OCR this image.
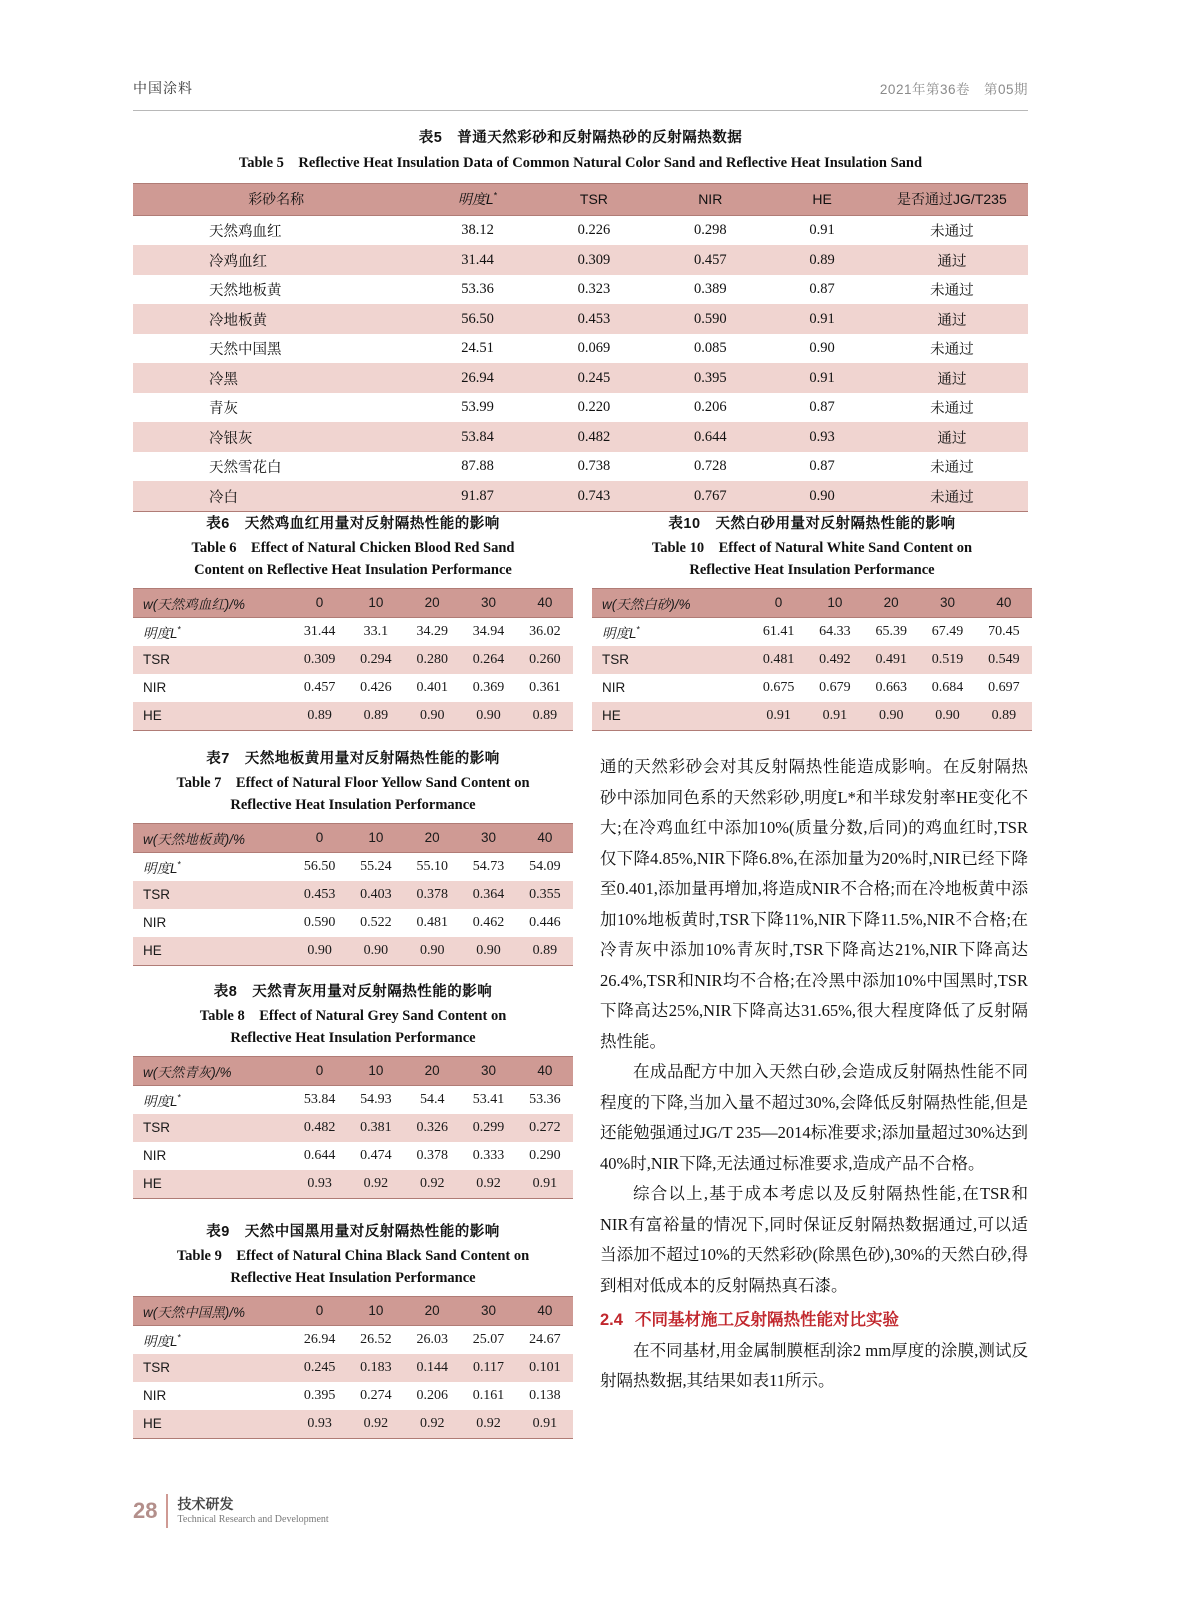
中国涂料	2021年第36卷　第05期
表5　普通天然彩砂和反射隔热砂的反射隔热数据
Table 5　Reflective Heat Insulation Data of Common Natural Color Sand and Reflective Heat Insulation Sand
彩砂名称	明度L*	TSR	NIR	HE	是否通过JG/T235
天然鸡血红	38.12	0.226	0.298	0.91	未通过
冷鸡血红	31.44	0.309	0.457	0.89	通过
天然地板黄	53.36	0.323	0.389	0.87	未通过
冷地板黄	56.50	0.453	0.590	0.91	通过
天然中国黑	24.51	0.069	0.085	0.90	未通过
冷黑	26.94	0.245	0.395	0.91	通过
青灰	53.99	0.220	0.206	0.87	未通过
冷银灰	53.84	0.482	0.644	0.93	通过
天然雪花白	87.88	0.738	0.728	0.87	未通过
冷白	91.87	0.743	0.767	0.90	未通过
表6　天然鸡血红用量对反射隔热性能的影响
Table 6　Effect of Natural Chicken Blood Red Sand
Content on Reflective Heat Insulation Performance
w(天然鸡血红)/%	0	10	20	30	40
明度L*	31.44	33.1	34.29	34.94	36.02
TSR	0.309	0.294	0.280	0.264	0.260
NIR	0.457	0.426	0.401	0.369	0.361
HE	0.89	0.89	0.90	0.90	0.89
表7　天然地板黄用量对反射隔热性能的影响
Table 7　Effect of Natural Floor Yellow Sand Content on
Reflective Heat Insulation Performance
w(天然地板黄)/%	0	10	20	30	40
明度L*	56.50	55.24	55.10	54.73	54.09
TSR	0.453	0.403	0.378	0.364	0.355
NIR	0.590	0.522	0.481	0.462	0.446
HE	0.90	0.90	0.90	0.90	0.89
表8　天然青灰用量对反射隔热性能的影响
Table 8　Effect of Natural Grey Sand Content on
Reflective Heat Insulation Performance
w(天然青灰)/%	0	10	20	30	40
明度L*	53.84	54.93	54.4	53.41	53.36
TSR	0.482	0.381	0.326	0.299	0.272
NIR	0.644	0.474	0.378	0.333	0.290
HE	0.93	0.92	0.92	0.92	0.91
表9　天然中国黑用量对反射隔热性能的影响
Table 9　Effect of Natural China Black Sand Content on
Reflective Heat Insulation Performance
w(天然中国黑)/%	0	10	20	30	40
明度L*	26.94	26.52	26.03	25.07	24.67
TSR	0.245	0.183	0.144	0.117	0.101
NIR	0.395	0.274	0.206	0.161	0.138
HE	0.93	0.92	0.92	0.92	0.91
表10　天然白砂用量对反射隔热性能的影响
Table 10　Effect of Natural White Sand Content on
Reflective Heat Insulation Performance
w(天然白砂)/%	0	10	20	30	40
明度L*	61.41	64.33	65.39	67.49	70.45
TSR	0.481	0.492	0.491	0.519	0.549
NIR	0.675	0.679	0.663	0.684	0.697
HE	0.91	0.91	0.90	0.90	0.89

通的天然彩砂会对其反射隔热性能造成影响。在反射隔热砂中添加同色系的天然彩砂,明度L*和半球发射率HE变化不大;在冷鸡血红中添加10%(质量分数,后同)的鸡血红时,TSR仅下降4.85%,NIR下降6.8%,在添加量为20%时,NIR已经下降至0.401,添加量再增加,将造成NIR不合格;而在冷地板黄中添加10%地板黄时,TSR下降11%,NIR下降11.5%,NIR不合格;在冷青灰中添加10%青灰时,TSR下降高达21%,NIR下降高达26.4%,TSR和NIR均不合格;在冷黑中添加10%中国黑时,TSR下降高达25%,NIR下降高达31.65%,很大程度降低了反射隔热性能。

在成品配方中加入天然白砂,会造成反射隔热性能不同程度的下降,当加入量不超过30%,会降低反射隔热性能,但是还能勉强通过JG/T 235—2014标准要求;添加量超过30%达到40%时,NIR下降,无法通过标准要求,造成产品不合格。

综合以上,基于成本考虑以及反射隔热性能,在TSR和NIR有富裕量的情况下,同时保证反射隔热数据通过,可以适当添加不超过10%的天然彩砂(除黑色砂),30%的天然白砂,得到相对低成本的反射隔热真石漆。

2.4 不同基材施工反射隔热性能对比实验

在不同基材,用金属制膜框刮涂2 mm厚度的涂膜,测试反射隔热数据,其结果如表11所示。

28 技术研发
Technical Research and Development
